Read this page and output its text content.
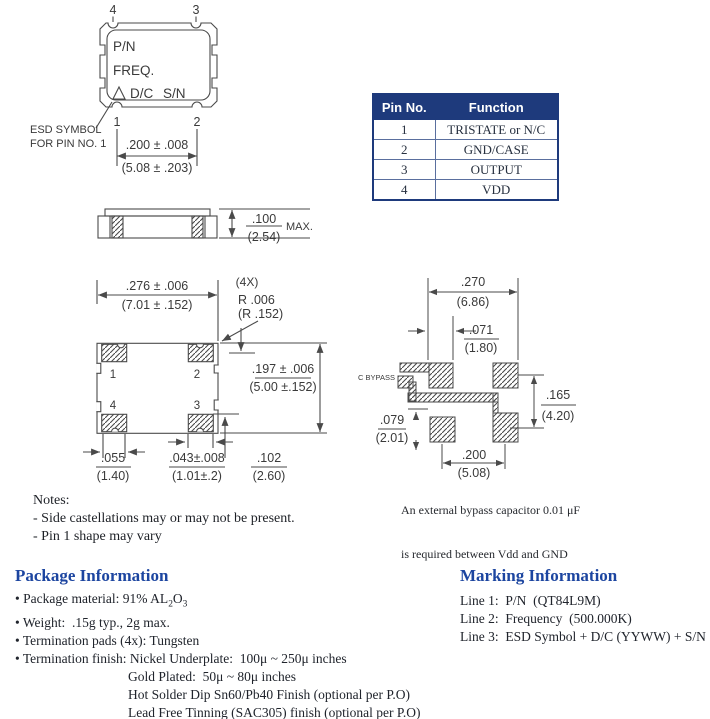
4	3
1	2
P/N
FREQ.
D/C S/N
ESD SYMBOL
FOR PIN NO. 1 .200 ± .008
(5.08 ± .203)
Pin No.	Function
1	TRISTATE or N/C
2	GND/CASE
3	OUTPUT
4	VDD
.100
(2.54)
MAX.
.276 ± .006
(7.01 ± .152)
(4X)
R .006
(R .152)
.197 ± .006
(5.00 ±.152)
1	2
4	3
.055
(1.40)
.043±.008
(1.01±.2)
.102
(2.60)
C BYPASS
.270
(6.86)
.071
(1.80)
.165
(4.20)
.079
(2.01)
.200
(5.08)

An external bypass capacitor 0.01 μF

is required between Vdd and GND

Notes:
- Side castellations may or may not be present.
- Pin 1 shape may vary
Package Information
• Package material: 91% $AL_2O_3$
• Weight:  .15g typ., 2g max.
• Termination pads (4x): Tungsten
• Termination finish: Nickel Underplate:  100μ ~ 250μ inches
Gold Plated:  50μ ~ 80μ inches
Hot Solder Dip Sn60/Pb40 Finish (optional per P.O)
Lead Free Tinning (SAC305) finish (optional per P.O)
Marking Information
Line 1:  P/N  (QT84L9M)
Line 2:  Frequency  (500.000K)
Line 3:  ESD Symbol + D/C (YYWW) + S/N
